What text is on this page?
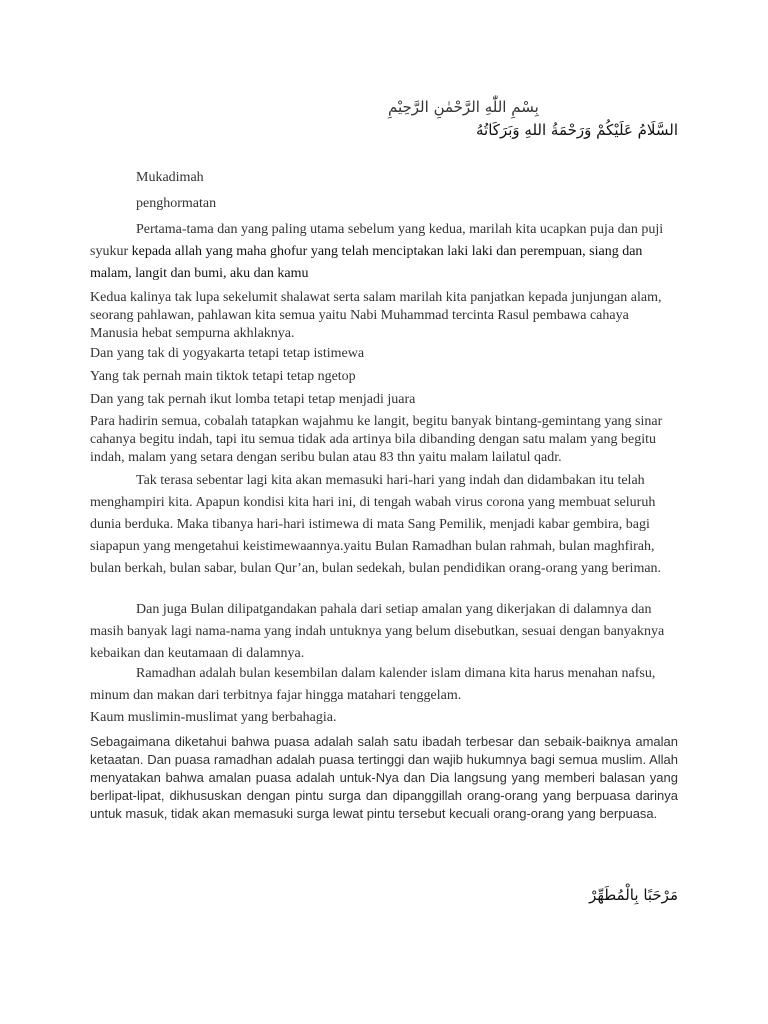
بِسْمِ اللّٰهِ الرَّحْمٰنِ الرَّحِيْمِ
السَّلَامُ عَلَيْكُمْ وَرَحْمَةُ اللهِ وَبَرَكَاتُهُ
Mukadimah
penghormatan

Pertama-tama dan yang paling utama sebelum yang kedua, marilah kita ucapkan puja dan puji syukur kepada allah yang maha ghofur yang telah menciptakan laki laki dan perempuan, siang dan malam, langit dan bumi, aku dan kamu

Kedua kalinya tak lupa sekelumit shalawat serta salam marilah kita panjatkan kepada junjungan alam, seorang pahlawan, pahlawan kita semua yaitu Nabi Muhammad tercinta Rasul pembawa cahaya Manusia hebat sempurna akhlaknya.

Dan yang tak di yogyakarta tetapi tetap istimewa
Yang tak pernah main tiktok tetapi tetap ngetop
Dan yang tak pernah ikut lomba tetapi tetap menjadi juara

Para hadirin semua, cobalah tatapkan wajahmu ke langit, begitu banyak bintang-gemintang yang sinar cahanya begitu indah, tapi itu semua tidak ada artinya bila dibanding dengan satu malam yang begitu indah, malam yang setara dengan seribu bulan atau 83 thn yaitu malam lailatul qadr.

Tak terasa sebentar lagi kita akan memasuki hari-hari yang indah dan didambakan itu telah menghampiri kita. Apapun kondisi kita hari ini, di tengah wabah virus corona yang membuat seluruh dunia berduka. Maka tibanya hari-hari istimewa di mata Sang Pemilik, menjadi kabar gembira, bagi siapapun yang mengetahui keistimewaannya.yaitu Bulan Ramadhan bulan rahmah, bulan maghfirah, bulan berkah, bulan sabar, bulan Qur’an, bulan sedekah, bulan pendidikan orang-orang yang beriman.

Dan juga Bulan dilipatgandakan pahala dari setiap amalan yang dikerjakan di dalamnya dan masih banyak lagi nama-nama yang indah untuknya yang belum disebutkan, sesuai dengan banyaknya kebaikan dan keutamaan di dalamnya.

Ramadhan adalah bulan kesembilan dalam kalender islam dimana kita harus menahan nafsu, minum dan makan dari terbitnya fajar hingga matahari tenggelam.

Kaum muslimin-muslimat yang berbahagia.

Sebagaimana diketahui bahwa puasa adalah salah satu ibadah terbesar dan sebaik-baiknya amalan ketaatan. Dan puasa ramadhan adalah puasa tertinggi dan wajib hukumnya bagi semua muslim. Allah menyatakan bahwa amalan puasa adalah untuk-Nya dan Dia langsung yang memberi balasan yang berlipat-lipat, dikhususkan dengan pintu surga dan dipanggillah orang-orang yang berpuasa darinya untuk masuk, tidak akan memasuki surga lewat pintu tersebut kecuali orang-orang yang berpuasa.

مَرْحَبًا بِالْمُطَهِّرْ
